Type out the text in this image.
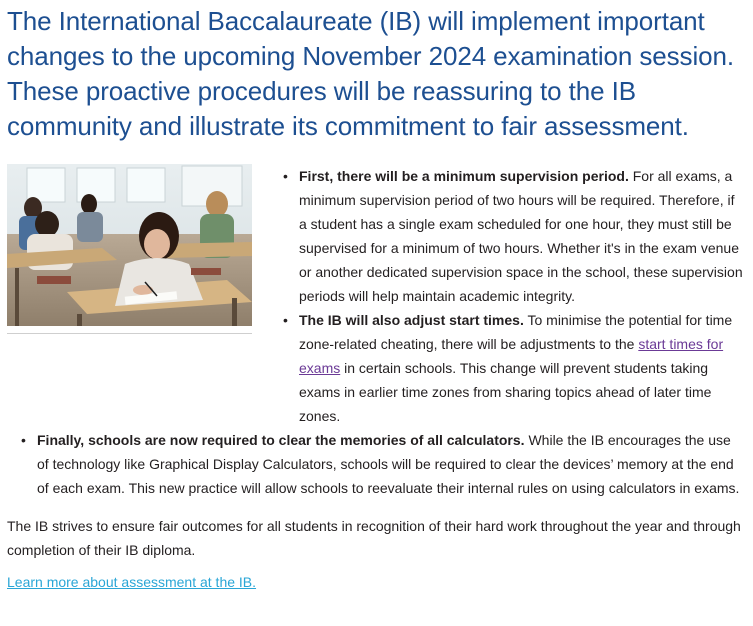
The International Baccalaureate (IB) will implement important changes to the upcoming November 2024 examination session. These proactive procedures will be reassuring to the IB community and illustrate its commitment to fair assessment.
• First, there will be a minimum supervision period. For all exams, a minimum supervision period of two hours will be required. Therefore, if a student has a single exam scheduled for one hour, they must still be supervised for a minimum of two hours. Whether it's in the exam venue or another dedicated supervision space in the school, these supervision periods will help maintain academic integrity.
• The IB will also adjust start times. To minimise the potential for time zone-related cheating, there will be adjustments to the start times for exams in certain schools. This change will prevent students taking exams in earlier time zones from sharing topics ahead of later time zones.
• Finally, schools are now required to clear the memories of all calculators. While the IB encourages the use of technology like Graphical Display Calculators, schools will be required to clear the devices’ memory at the end of each exam. This new practice will allow schools to reevaluate their internal rules on using calculators in exams.

The IB strives to ensure fair outcomes for all students in recognition of their hard work throughout the year and through completion of their IB diploma.

Learn more about assessment at the IB.
